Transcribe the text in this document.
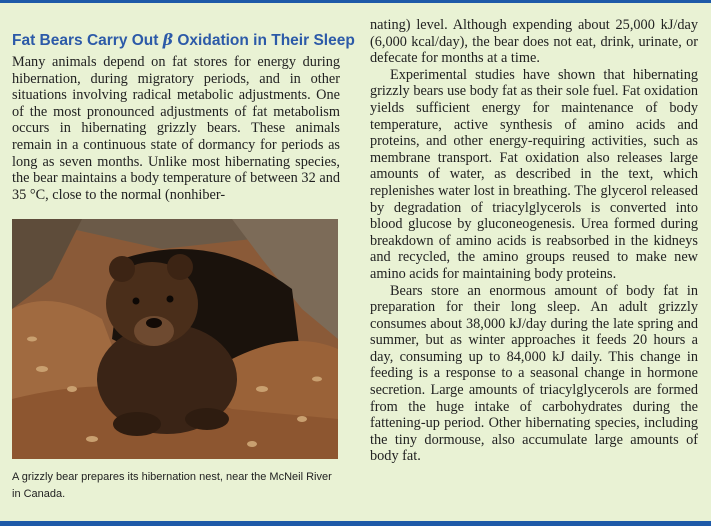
Fat Bears Carry Out β Oxidation in Their Sleep

Many animals depend on fat stores for energy during hibernation, during migratory periods, and in other situations involving radical metabolic adjustments. One of the most pronounced adjustments of fat metabolism occurs in hibernating grizzly bears. These animals remain in a continuous state of dormancy for periods as long as seven months. Unlike most hibernating species, the bear maintains a body temperature of between 32 and 35 °C, close to the normal (nonhiber-

A grizzly bear prepares its hibernation nest, near the McNeil River in Canada.

nating) level. Although expending about 25,000 kJ/day (6,000 kcal/day), the bear does not eat, drink, urinate, or defecate for months at a time.

Experimental studies have shown that hibernating grizzly bears use body fat as their sole fuel. Fat oxidation yields sufficient energy for maintenance of body temperature, active synthesis of amino acids and proteins, and other energy-requiring activities, such as membrane transport. Fat oxidation also releases large amounts of water, as described in the text, which replenishes water lost in breathing. The glycerol released by degradation of triacylglycerols is converted into blood glucose by gluconeogenesis. Urea formed during breakdown of amino acids is reabsorbed in the kidneys and recycled, the amino groups reused to make new amino acids for maintaining body proteins.

Bears store an enormous amount of body fat in preparation for their long sleep. An adult grizzly consumes about 38,000 kJ/day during the late spring and summer, but as winter approaches it feeds 20 hours a day, consuming up to 84,000 kJ daily. This change in feeding is a response to a seasonal change in hormone secretion. Large amounts of triacylglycerols are formed from the huge intake of carbohydrates during the fattening-up period. Other hibernating species, including the tiny dormouse, also accumulate large amounts of body fat.
